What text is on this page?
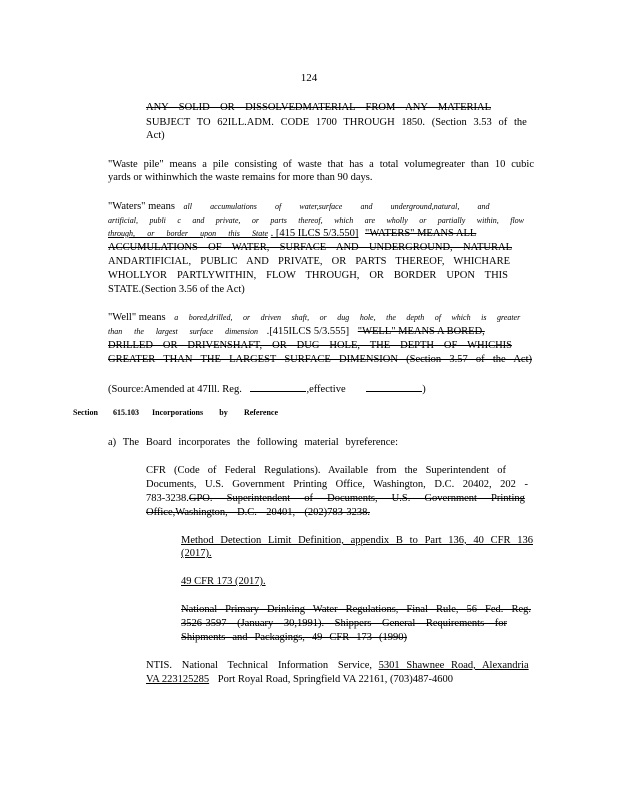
124
ANY SOLID OR DISSOLVEDMATERIAL FROM ANY MATERIAL
SUBJECT TO 62ILL.ADM. CODE 1700 THROUGH 1850. (Section 3.53 of the
Act)
"Waste pile" means a pile consisting of waste that has a total volumegreater than 10 cubic
yards or withinwhich the waste remains for more than 90 days.
"Waters" means all accumulations of water,surface and underground,natural, and
artificial, publi c and private, or parts thereof, which are wholly or partially within, flow
through, or border upon this State . [415 ILCS 5/3.550] "WATERS" MEANS ALL
ACCUMULATIONS OF WATER, SURFACE AND UNDERGROUND, NATURAL
ANDARTIFICIAL, PUBLIC AND PRIVATE, OR PARTS THEREOF, WHICHARE
WHOLLYOR PARTLYWITHIN, FLOW THROUGH, OR BORDER UPON THIS
STATE.(Section 3.56 of the Act)
"Well" means a bored,drilled, or driven shaft, or dug hole, the depth of which is greater
than the largest surface dimension .[415ILCS 5/3.555] "WELL" MEANS A BORED,
DRILLED OR DRIVENSHAFT, OR DUG HOLE, THE DEPTH OF WHICHIS
GREATER THAN THE LARGEST SURFACE DIMENSION (Section 3.57 of the Act)
(Source:Amended at 47Ill. Reg.	,effective	)
Section 615.103 Incorporations by Reference
a) The Board incorporates the following material byreference:
CFR (Code of Federal Regulations). Available from the Superintendent of
Documents, U.S. Government Printing Office, Washington, D.C. 20402, 202 -
783-3238.GPO. Superintendent of Documents, U.S. Government Printing
Office,Washington, D.C. 20401, (202)783-3238.
Method Detection Limit Definition, appendix B to Part 136, 40 CFR 136
(2017).
49 CFR 173 (2017).
National Primary Drinking Water Regulations, Final Rule, 56 Fed. Reg.
3526-3597 (January 30,1991). Shippers General Requirements for
Shipments and Packagings, 49 CFR 173 (1990)
NTIS. National Technical Information Service, 5301 Shawnee Road, Alexandria
VA 223125285 Port Royal Road, Springfield VA 22161, (703)487-4600
